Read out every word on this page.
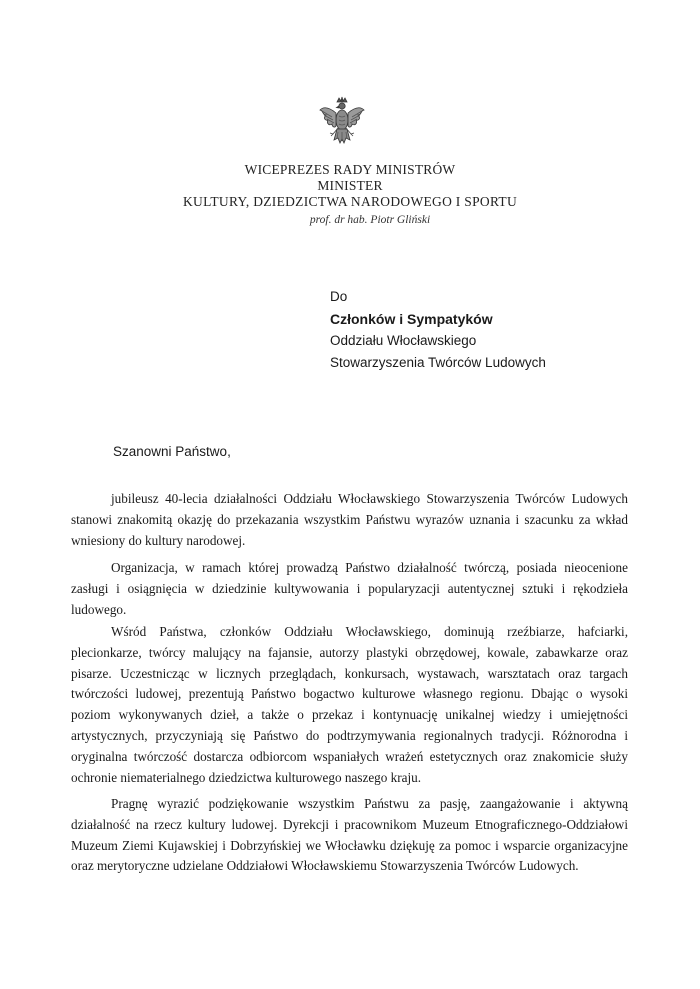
WICEPREZES RADY MINISTRÓW
MINISTER
KULTURY, DZIEDZICTWA NARODOWEGO I SPORTU
prof. dr hab. Piotr Gliński
Do
Członków i Sympatyków
Oddziału Włocławskiego
Stowarzyszenia Twórców Ludowych
Szanowni Państwo,

jubileusz 40-lecia działalności Oddziału Włocławskiego Stowarzyszenia Twórców Ludowych stanowi znakomitą okazję do przekazania wszystkim Państwu wyrazów uznania i szacunku za wkład wniesiony do kultury narodowej.

Organizacja, w ramach której prowadzą Państwo działalność twórczą, posiada nieocenione zasługi i osiągnięcia w dziedzinie kultywowania i popularyzacji autentycznej sztuki i rękodzieła ludowego.

Wśród Państwa, członków Oddziału Włocławskiego, dominują rzeźbiarze, hafciarki, plecionkarze, twórcy malujący na fajansie, autorzy plastyki obrzędowej, kowale, zabawkarze oraz pisarze. Uczestnicząc w licznych przeglądach, konkursach, wystawach, warsztatach oraz targach twórczości ludowej, prezentują Państwo bogactwo kulturowe własnego regionu. Dbając o wysoki poziom wykonywanych dzieł, a także o przekaz i kontynuację unikalnej wiedzy i umiejętności artystycznych, przyczyniają się Państwo do podtrzymywania regionalnych tradycji. Różnorodna i oryginalna twórczość dostarcza odbiorcom wspaniałych wrażeń estetycznych oraz znakomicie służy ochronie niematerialnego dziedzictwa kulturowego naszego kraju.

Pragnę wyrazić podziękowanie wszystkim Państwu za pasję, zaangażowanie i aktywną działalność na rzecz kultury ludowej. Dyrekcji i pracownikom Muzeum Etnograficznego-Oddziałowi Muzeum Ziemi Kujawskiej i Dobrzyńskiej we Włocławku dziękuję za pomoc i wsparcie organizacyjne oraz merytoryczne udzielane Oddziałowi Włocławskiemu Stowarzyszenia Twórców Ludowych.
